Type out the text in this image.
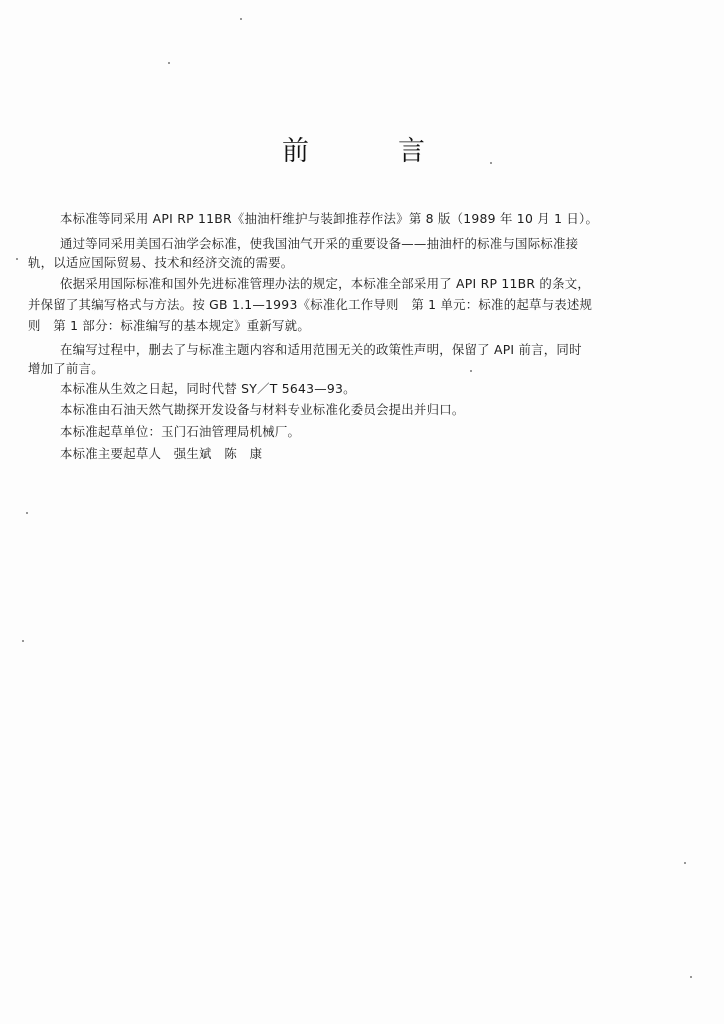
前	言
本标准等同采用 API RP 11BR《抽油杆维护与装卸推荐作法》第 8 版（1989 年 10 月 1 日）。
通过等同采用美国石油学会标准，使我国油气开采的重要设备——抽油杆的标准与国际标准接
轨，以适应国际贸易、技术和经济交流的需要。
依据采用国际标准和国外先进标准管理办法的规定，本标准全部采用了 API RP 11BR 的条文，
并保留了其编写格式与方法。按 GB 1.1—1993《标准化工作导则　第 1 单元：标准的起草与表述规
则　第 1 部分：标准编写的基本规定》重新写就。
在编写过程中，删去了与标准主题内容和适用范围无关的政策性声明，保留了 API 前言，同时
增加了前言。
本标准从生效之日起，同时代替 SY／T 5643—93。
本标准由石油天然气勘探开发设备与材料专业标准化委员会提出并归口。
本标准起草单位：玉门石油管理局机械厂。
本标准主要起草人　强生斌　陈　康
